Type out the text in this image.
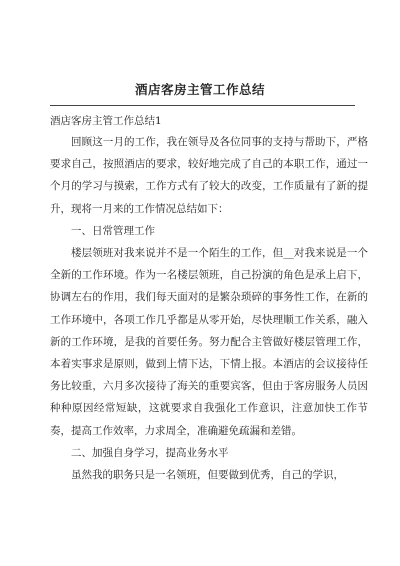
酒店客房主管工作总结
酒店客房主管工作总结1

回顾这一月的工作，我在领导及各位同事的支持与帮助下，严格要求自己，按照酒店的要求，较好地完成了自己的本职工作，通过一个月的学习与摸索，工作方式有了较大的改变，工作质量有了新的提升，现将一月来的工作情况总结如下：

一、日常管理工作

楼层领班对我来说并不是一个陌生的工作，但__对我来说是一个全新的工作环境。作为一名楼层领班，自己扮演的角色是承上启下，协调左右的作用，我们每天面对的是繁杂琐碎的事务性工作，在新的工作环境中，各项工作几乎都是从零开始，尽快理顺工作关系，融入新的工作环境，是我的首要任务。努力配合主管做好楼层管理工作，本着实事求是原则，做到上情下达，下情上报。本酒店的会议接待任务比较重，六月多次接待了海关的重要宾客，但由于客房服务人员因种种原因经常短缺，这就要求自我强化工作意识，注意加快工作节奏，提高工作效率，力求周全，准确避免疏漏和差错。

二、加强自身学习，提高业务水平

虽然我的职务只是一名领班，但要做到优秀，自己的学识，
